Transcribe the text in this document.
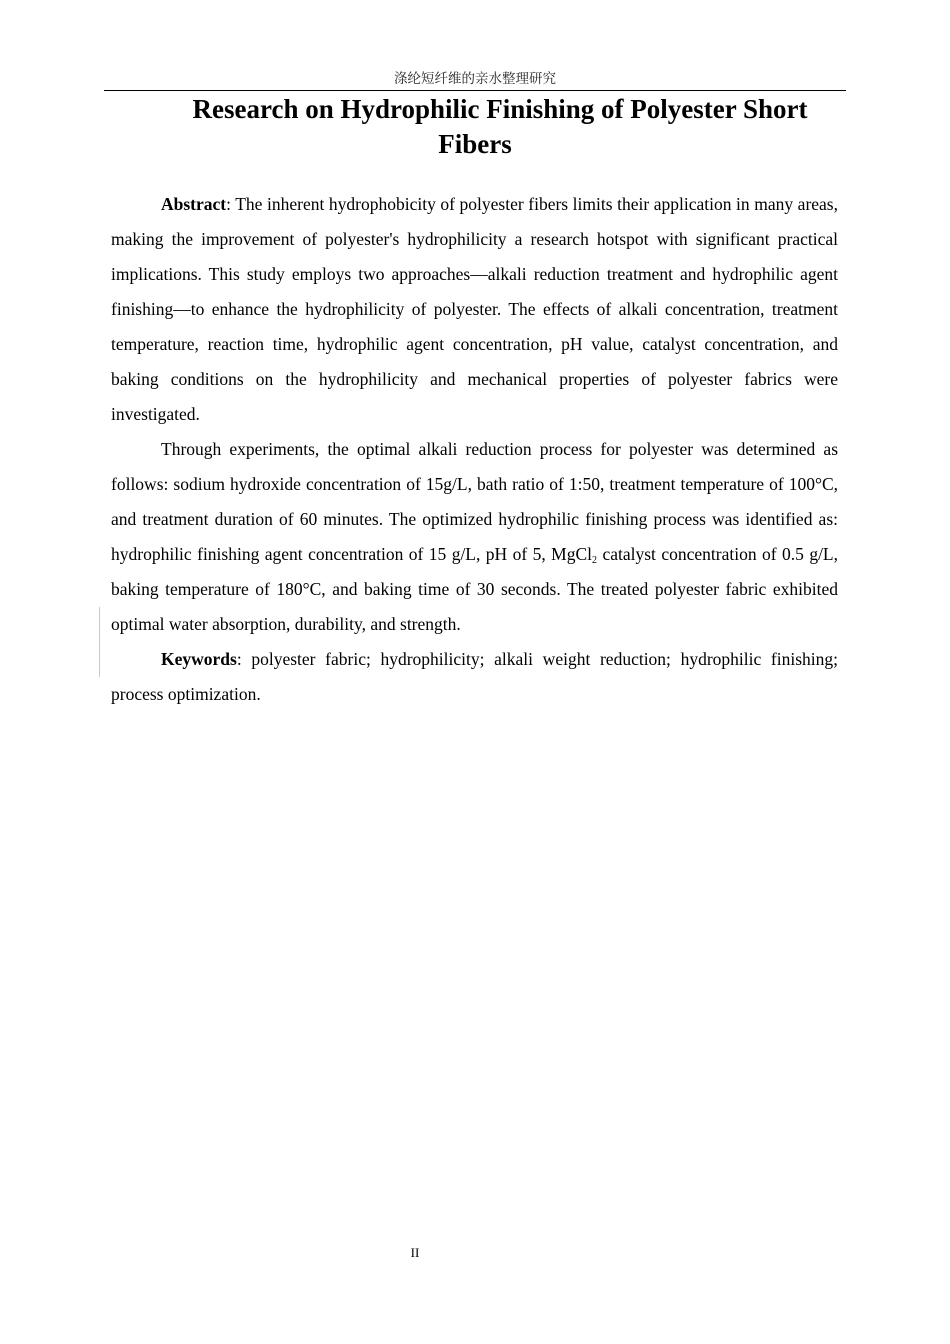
涤纶短纤维的亲水整理研究
Research on Hydrophilic Finishing of Polyester Short
Fibers

Abstract: The inherent hydrophobicity of polyester fibers limits their application in many areas, making the improvement of polyester's hydrophilicity a research hotspot with significant practical implications. This study employs two approaches—alkali reduction treatment and hydrophilic agent finishing—to enhance the hydrophilicity of polyester. The effects of alkali concentration, treatment temperature, reaction time, hydrophilic agent concentration, pH value, catalyst concentration, and baking conditions on the hydrophilicity and mechanical properties of polyester fabrics were investigated.

Through experiments, the optimal alkali reduction process for polyester was determined as follows: sodium hydroxide concentration of 15g/L, bath ratio of 1:50, treatment temperature of 100°C, and treatment duration of 60 minutes. The optimized hydrophilic finishing process was identified as: hydrophilic finishing agent concentration of 15 g/L, pH of 5, MgCl$_2$ catalyst concentration of 0.5 g/L, baking temperature of 180°C, and baking time of 30 seconds. The treated polyester fabric exhibited optimal water absorption, durability, and strength.

Keywords: polyester fabric; hydrophilicity; alkali weight reduction; hydrophilic finishing; process optimization.

II
